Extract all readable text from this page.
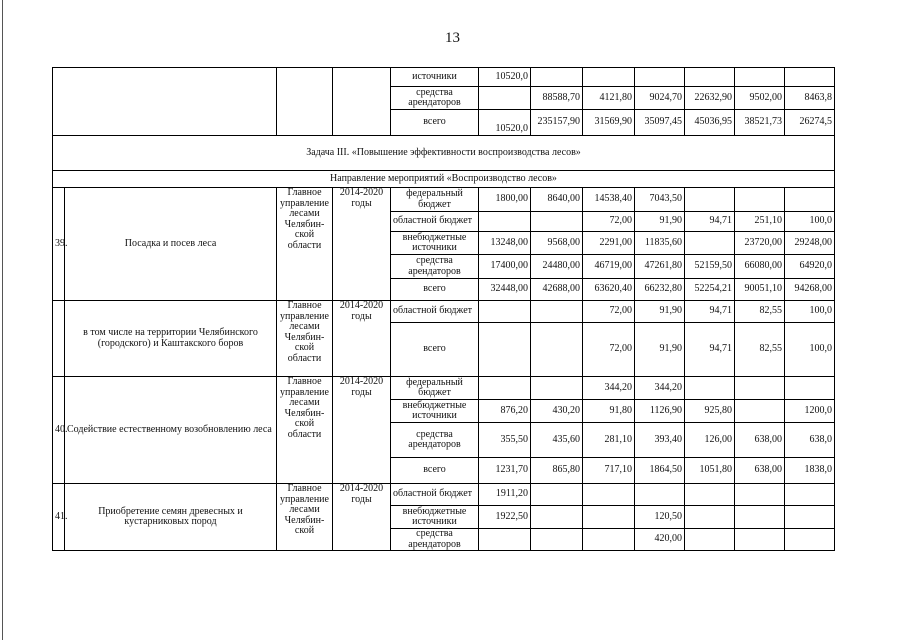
13
				источники	10520,0						
				средства арендаторов		88588,70	4121,80	9024,70	22632,90	9502,00	8463,8
				всего	10520,0	235157,90	31569,90	35097,45	45036,95	38521,73	26274,5
Задача III. «Повышение эффективности воспроизводства лесов»											
Направление мероприятий «Воспроизводство лесов»											
39.	Посадка и посев леса	Главное управление лесами Челябин- ской области	2014-2020 годы	федеральный бюджет	1800,00	8640,00	14538,40	7043,50			
				областной бюджет			72,00	91,90	94,71	251,10	100,0
				внебюджетные источники	13248,00	9568,00	2291,00	11835,60		23720,00	29248,00
				средства арендаторов	17400,00	24480,00	46719,00	47261,80	52159,50	66080,00	64920,0
				всего	32448,00	42688,00	63620,40	66232,80	52254,21	90051,10	94268,00
	в том числе на территории Челябинского (городского) и Каштакского боров	Главное управление лесами Челябин- ской области	2014-2020 годы	областной бюджет			72,00	91,90	94,71	82,55	100,0
				всего			72,00	91,90	94,71	82,55	100,0
40.	Содействие естественному возобновлению леса	Главное управление лесами Челябин- ской области	2014-2020 годы	федеральный бюджет			344,20	344,20			
				внебюджетные источники	876,20	430,20	91,80	1126,90	925,80		1200,0
				средства арендаторов	355,50	435,60	281,10	393,40	126,00	638,00	638,0
				всего	1231,70	865,80	717,10	1864,50	1051,80	638,00	1838,0
41.	Приобретение семян древесных и кустарниковых пород	Главное управление лесами Челябин- ской	2014-2020 годы	областной бюджет	1911,20						
				внебюджетные источники	1922,50			120,50			
				средства арендаторов				420,00			
